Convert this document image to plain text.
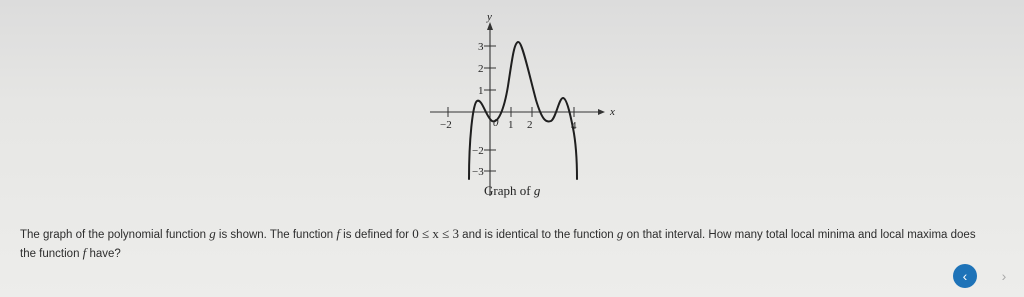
x
y
−2	0 1 2	4
3
2
1
−2
−3
Graph of g
The graph of the polynomial function g is shown. The function f is defined for 0 ≤ x ≤ 3 and is identical to the function g on that interval. How many total local minima and local maxima does the function f have?
‹	›
